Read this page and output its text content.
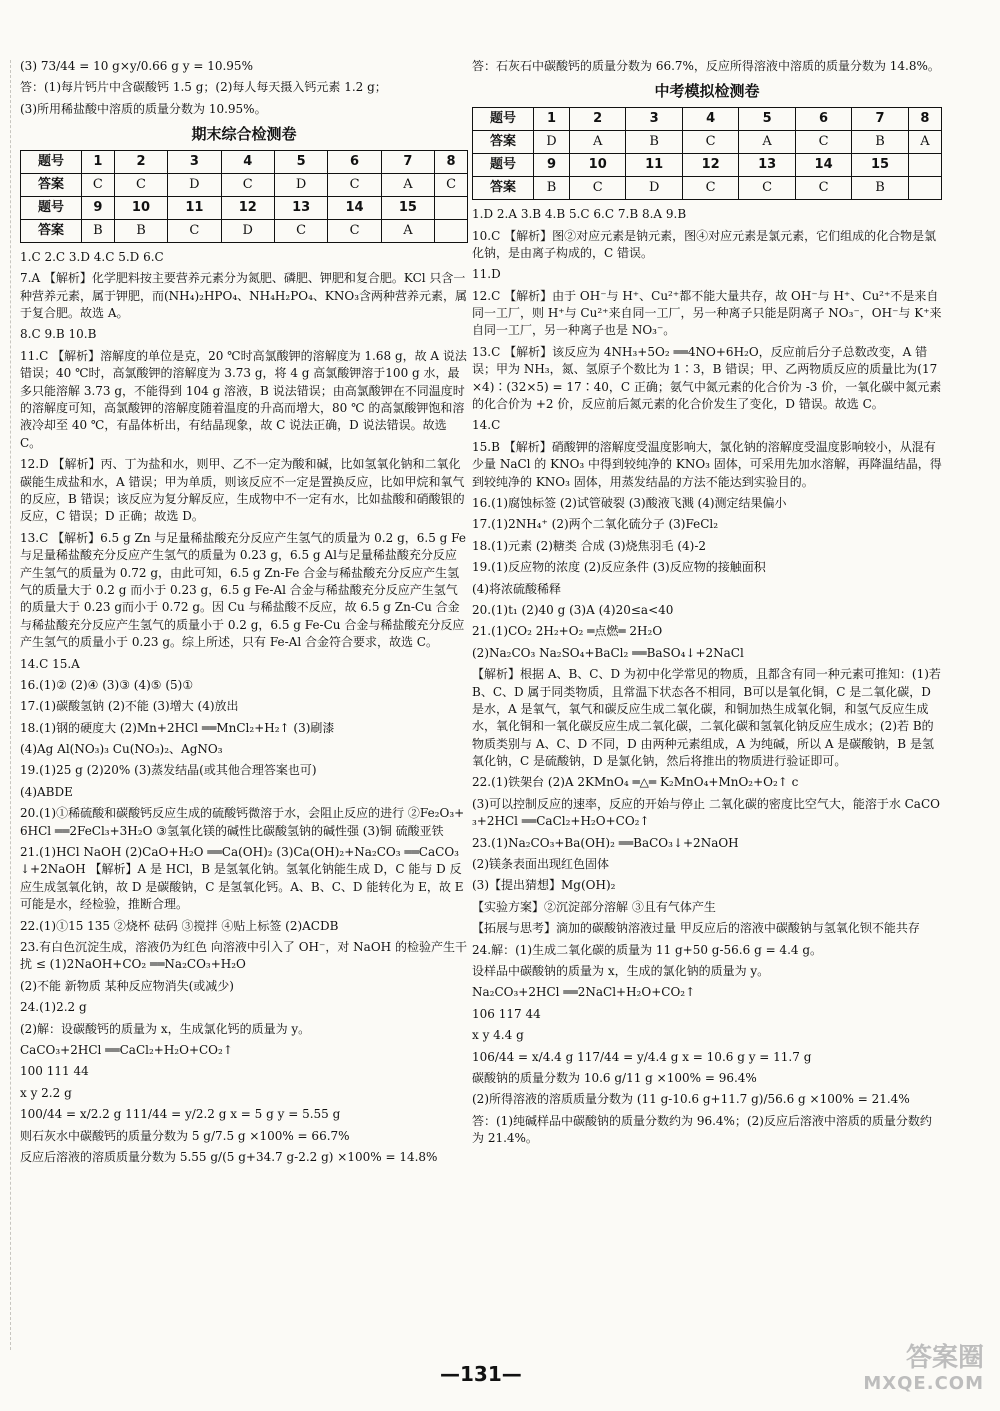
(3) 73/44 = 10 g×y/0.66 g y = 10.95%
答：(1)每片钙片中含碳酸钙 1.5 g；(2)每人每天摄入钙元素 1.2 g；
(3)所用稀盐酸中溶质的质量分数为 10.95%。
期末综合检测卷
题号	1	2	3	4	5	6	7	8
答案	C	C	D	C	D	C	A	C
题号	9	10	11	12	13	14	15	
答案	B	B	C	D	C	C	A	
1.C 2.C 3.D 4.C 5.D 6.C
7.A 【解析】化学肥料按主要营养元素分为氮肥、磷肥、钾肥和复合肥。KCl 只含一种营养元素，属于钾肥，而(NH₄)₂HPO₄、NH₄H₂PO₄、KNO₃含两种营养元素，属于复合肥。故选 A。
8.C 9.B 10.B
11.C 【解析】溶解度的单位是克，20 ℃时高氯酸钾的溶解度为 1.68 g，故 A 说法错误；40 ℃时，高氯酸钾的溶解度为 3.73 g，将 4 g 高氯酸钾溶于100 g 水，最多只能溶解 3.73 g，不能得到 104 g 溶液，B 说法错误；由高氯酸钾在不同温度时的溶解度可知，高氯酸钾的溶解度随着温度的升高而增大，80 ℃ 的高氯酸钾饱和溶液冷却至 40 ℃，有晶体析出，有结晶现象，故 C 说法正确，D 说法错误。故选 C。
12.D 【解析】丙、丁为盐和水，则甲、乙不一定为酸和碱，比如氢氧化钠和二氧化碳能生成盐和水，A 错误；甲为单质，则该反应不一定是置换反应，比如甲烷和氧气的反应，B 错误；该反应为复分解反应，生成物中不一定有水，比如盐酸和硝酸银的反应，C 错误；D 正确；故选 D。
13.C 【解析】6.5 g Zn 与足量稀盐酸充分反应产生氢气的质量为 0.2 g，6.5 g Fe 与足量稀盐酸充分反应产生氢气的质量为 0.23 g，6.5 g Al与足量稀盐酸充分反应产生氢气的质量为 0.72 g，由此可知，6.5 g Zn-Fe 合金与稀盐酸充分反应产生氢气的质量大于 0.2 g 而小于 0.23 g，6.5 g Fe-Al 合金与稀盐酸充分反应产生氢气的质量大于 0.23 g而小于 0.72 g。因 Cu 与稀盐酸不反应，故 6.5 g Zn-Cu 合金与稀盐酸充分反应产生氢气的质量小于 0.2 g，6.5 g Fe-Cu 合金与稀盐酸充分反应产生氢气的质量小于 0.23 g。综上所述，只有 Fe-Al 合金符合要求，故选 C。
14.C 15.A
16.(1)② (2)④ (3)③ (4)⑤ (5)①
17.(1)碳酸氢钠 (2)不能 (3)增大 (4)放出
18.(1)钢的硬度大 (2)Mn+2HCl ══MnCl₂+H₂↑ (3)刷漆
(4)Ag Al(NO₃)₃ Cu(NO₃)₂、AgNO₃
19.(1)25 g (2)20% (3)蒸发结晶(或其他合理答案也可)
(4)ABDE
20.(1)①稀硫酸和碳酸钙反应生成的硫酸钙微溶于水，会阻止反应的进行 ②Fe₂O₃+6HCl ══2FeCl₃+3H₂O ③氢氧化镁的碱性比碳酸氢钠的碱性强 (3)铜 硫酸亚铁
21.(1)HCl NaOH (2)CaO+H₂O ══Ca(OH)₂ (3)Ca(OH)₂+Na₂CO₃ ══CaCO₃↓+2NaOH 【解析】A 是 HCl，B 是氢氧化钠。氢氧化钠能生成 D，C 能与 D 反应生成氢氧化钠，故 D 是碳酸钠，C 是氢氧化钙。A、B、C、D 能转化为 E，故 E 可能是水，经检验，推断合理。
22.(1)①15 135 ②烧杯 砝码 ③搅拌 ④贴上标签 (2)ACDB
23.有白色沉淀生成，溶液仍为红色 向溶液中引入了 OH⁻，对 NaOH 的检验产生干扰 ≤ (1)2NaOH+CO₂ ══Na₂CO₃+H₂O
(2)不能 新物质 某种反应物消失(或减少)
24.(1)2.2 g
(2)解：设碳酸钙的质量为 x，生成氯化钙的质量为 y。
CaCO₃+2HCl ══CaCl₂+H₂O+CO₂↑
100 111 44
x y 2.2 g
100/44 = x/2.2 g 111/44 = y/2.2 g x = 5 g y = 5.55 g
则石灰水中碳酸钙的质量分数为 5 g/7.5 g ×100% = 66.7%
反应后溶液的溶质质量分数为 5.55 g/(5 g+34.7 g-2.2 g) ×100% = 14.8%
答：石灰石中碳酸钙的质量分数为 66.7%，反应所得溶液中溶质的质量分数为 14.8%。
中考模拟检测卷
题号	1	2	3	4	5	6	7	8
答案	D	A	B	C	A	C	B	A
题号	9	10	11	12	13	14	15	
答案	B	C	D	C	C	C	B	
1.D 2.A 3.B 4.B 5.C 6.C 7.B 8.A 9.B
10.C 【解析】图②对应元素是钠元素，图④对应元素是氯元素，它们组成的化合物是氯化钠，是由离子构成的，C 错误。
11.D
12.C 【解析】由于 OH⁻与 H⁺、Cu²⁺都不能大量共存，故 OH⁻与 H⁺、Cu²⁺不是来自同一工厂，则 H⁺与 Cu²⁺来自同一工厂，另一种离子只能是阴离子 NO₃⁻，OH⁻与 K⁺来自同一工厂，另一种离子也是 NO₃⁻。
13.C 【解析】该反应为 4NH₃+5O₂ ══4NO+6H₂O，反应前后分子总数改变，A 错误；甲为 NH₃，氮、氢原子个数比为 1∶3，B 错误；甲、乙两物质反应的质量比为(17×4)∶(32×5) = 17∶40，C 正确；氨气中氮元素的化合价为 -3 价，一氧化碳中氮元素的化合价为 +2 价，反应前后氮元素的化合价发生了变化，D 错误。故选 C。
14.C
15.B 【解析】硝酸钾的溶解度受温度影响大，氯化钠的溶解度受温度影响较小，从混有少量 NaCl 的 KNO₃ 中得到较纯净的 KNO₃ 固体，可采用先加水溶解，再降温结晶，得到较纯净的 KNO₃ 固体，用蒸发结晶的方法不能达到实验目的。
16.(1)腐蚀标签 (2)试管破裂 (3)酸液飞溅 (4)测定结果偏小
17.(1)2NH₄⁺ (2)两个二氧化硫分子 (3)FeCl₂
18.(1)元素 (2)糖类 合成 (3)烧焦羽毛 (4)-2
19.(1)反应物的浓度 (2)反应条件 (3)反应物的接触面积
(4)将浓硫酸稀释
20.(1)t₁ (2)40 g (3)A (4)20≤a<40
21.(1)CO₂ 2H₂+O₂ ═点燃═ 2H₂O
(2)Na₂CO₃ Na₂SO₄+BaCl₂ ══BaSO₄↓+2NaCl
【解析】根据 A、B、C、D 为初中化学常见的物质，且都含有同一种元素可推知：(1)若 B、C、D 属于同类物质，且常温下状态各不相同，B可以是氧化铜，C 是二氧化碳，D 是水，A 是氧气，氧气和碳反应生成二氧化碳，和铜加热生成氧化铜，和氢气反应生成水，氧化铜和一氧化碳反应生成二氧化碳，二氧化碳和氢氧化钠反应生成水；(2)若 B的物质类别与 A、C、D 不同，D 由两种元素组成，A 为纯碱，所以 A 是碳酸钠，B 是氢氧化钠，C 是硫酸钠，D 是氯化钠，然后将推出的物质进行验证即可。
22.(1)铁架台 (2)A 2KMnO₄ ═△═ K₂MnO₄+MnO₂+O₂↑ c
(3)可以控制反应的速率，反应的开始与停止 二氧化碳的密度比空气大，能溶于水 CaCO₃+2HCl ══CaCl₂+H₂O+CO₂↑
23.(1)Na₂CO₃+Ba(OH)₂ ══BaCO₃↓+2NaOH
(2)镁条表面出现红色固体
(3)【提出猜想】Mg(OH)₂
【实验方案】②沉淀部分溶解 ③且有气体产生
【拓展与思考】滴加的碳酸钠溶液过量 甲反应后的溶液中碳酸钠与氢氧化钡不能共存
24.解：(1)生成二氧化碳的质量为 11 g+50 g-56.6 g = 4.4 g。
设样品中碳酸钠的质量为 x，生成的氯化钠的质量为 y。
Na₂CO₃+2HCl ══2NaCl+H₂O+CO₂↑
106 117 44
x y 4.4 g
106/44 = x/4.4 g 117/44 = y/4.4 g x = 10.6 g y = 11.7 g
碳酸钠的质量分数为 10.6 g/11 g ×100% = 96.4%
(2)所得溶液的溶质质量分数为 (11 g-10.6 g+11.7 g)/56.6 g ×100% = 21.4%
答：(1)纯碱样品中碳酸钠的质量分数约为 96.4%；(2)反应后溶液中溶质的质量分数约为 21.4%。
—131—
答案圈
MXQE.COM
